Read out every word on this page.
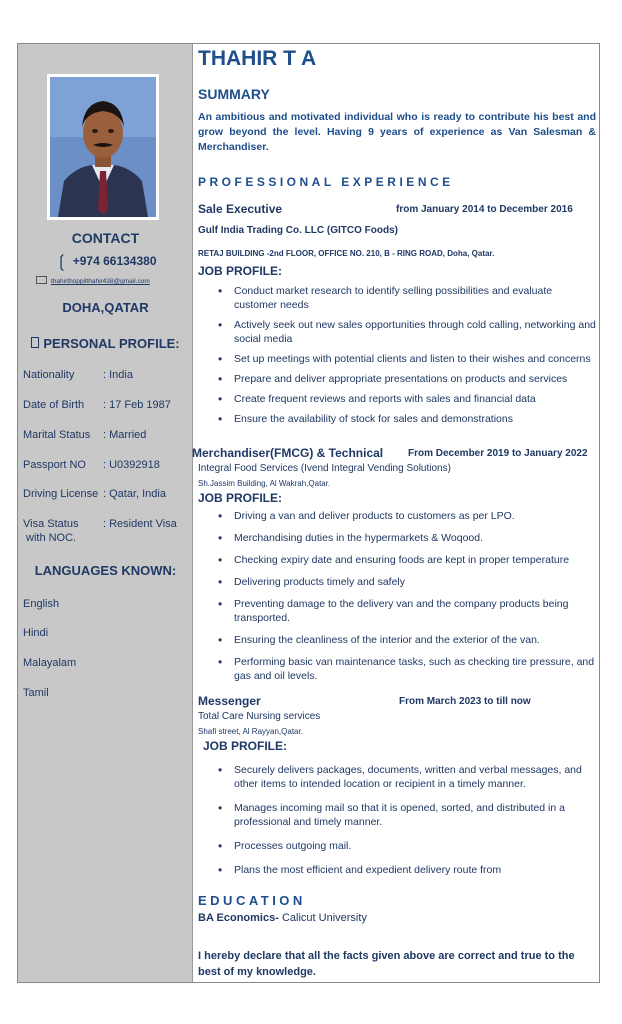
CONTACT
❲ +974 66134380
thahirthoppilthahir438@gmail.com
DOHA,QATAR
PERSONAL PROFILE:
Nationality	: India
Date of Birth : 17 Feb 1987
Marital Status : Married
Passport NO : U0392918
Driving License : Qatar, India
Visa Status : Resident Visa
with NOC.
LANGUAGES KNOWN:
English
Hindi
Malayalam
Tamil
THAHIR T A
SUMMARY
An ambitious and motivated individual who is ready to contribute his best and grow beyond the level. Having 9 years of experience as Van Salesman & Merchandiser.
PROFESSIONAL EXPERIENCE
Sale Executive	from January 2014 to December 2016
Gulf India Trading Co. LLC (GITCO Foods)
RETAJ BUILDING -2nd FLOOR, OFFICE NO. 210, B - RING ROAD, Doha, Qatar.
JOB PROFILE:
• Conduct market research to identify selling possibilities and evaluate customer needs
• Actively seek out new sales opportunities through cold calling, networking and social media
• Set up meetings with potential clients and listen to their wishes and concerns
• Prepare and deliver appropriate presentations on products and services
• Create frequent reviews and reports with sales and financial data
• Ensure the availability of stock for sales and demonstrations
Merchandiser(FMCG) & Technical From December 2019 to January 2022
Integral Food Services (Ivend Integral Vending Solutions)
Sh.Jassim Building, Al Wakrah,Qatar.
JOB PROFILE:
• Driving a van and deliver products to customers as per LPO.
• Merchandising duties in the hypermarkets & Woqood.
• Checking expiry date and ensuring foods are kept in proper temperature
• Delivering products timely and safely
• Preventing damage to the delivery van and the company products being transported.
• Ensuring the cleanliness of the interior and the exterior of the van.
• Performing basic van maintenance tasks, such as checking tire pressure, and gas and oil levels.
Messenger	From March 2023 to till now
Total Care Nursing services
Shafi street, Al Rayyan,Qatar.
JOB PROFILE:
• Securely delivers packages, documents, written and verbal messages, and other items to intended location or recipient in a timely manner.
• Manages incoming mail so that it is opened, sorted, and distributed in a professional and timely manner.
• Processes outgoing mail.
• Plans the most efficient and expedient delivery route from
EDUCATION
BA Economics- Calicut University
I hereby declare that all the facts given above are correct and true to the best of my knowledge.
